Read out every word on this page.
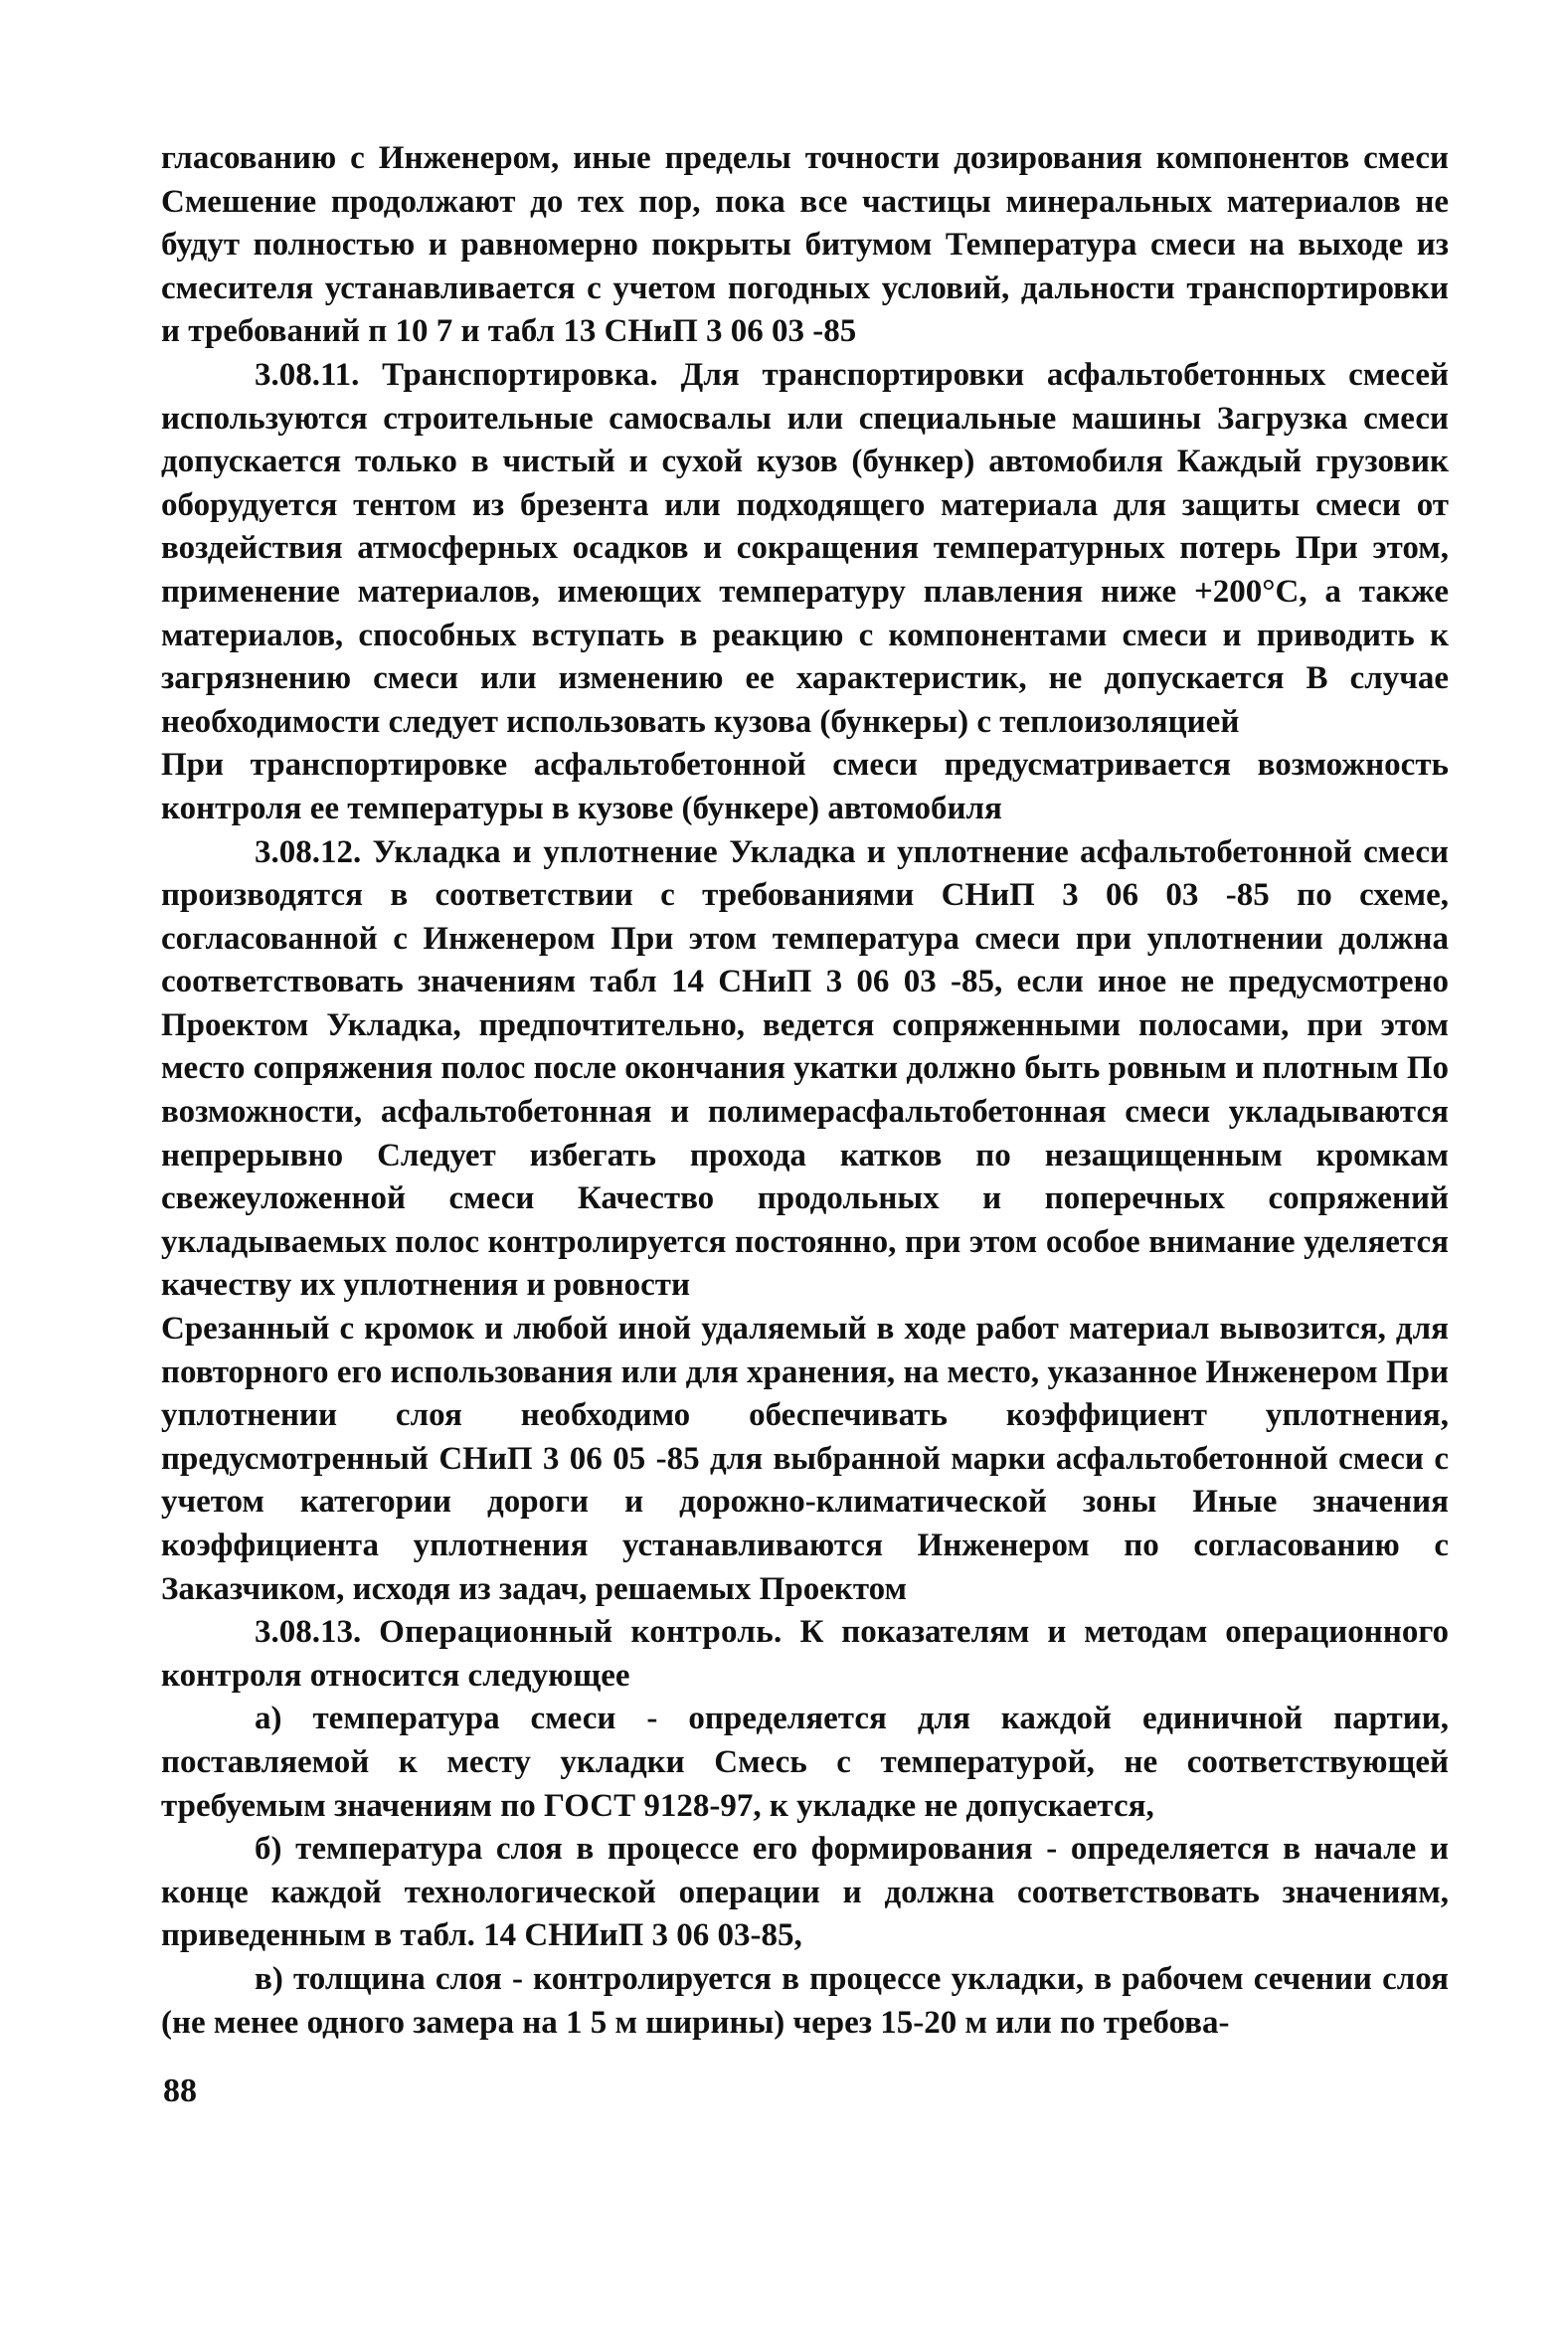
гласованию с Инженером, иные пределы точности дозирования компонентов смеси Смешение продолжают до тех пор, пока все частицы минеральных материалов не будут полностью и равномерно покрыты битумом Температура смеси на выходе из смесителя устанавливается с учетом погодных условий, дальности транспортировки и требований п 10 7 и табл 13 СНиП 3 06 03 -85

3.08.11. Транспортировка. Для транспортировки асфальтобетонных смесей используются строительные самосвалы или специальные машины Загрузка смеси допускается только в чистый и сухой кузов (бункер) автомобиля Каждый грузовик оборудуется тентом из брезента или подходящего материала для защиты смеси от воздействия атмосферных осадков и сокращения температурных потерь При этом, применение материалов, имеющих температуру плавления ниже +200°С, а также материалов, способных вступать в реакцию с компонентами смеси и приводить к загрязнению смеси или изменению ее характеристик, не допускается В случае необходимости следует использовать кузова (бункеры) с теплоизоляцией

При транспортировке асфальтобетонной смеси предусматривается возможность контроля ее температуры в кузове (бункере) автомобиля

3.08.12. Укладка и уплотнение Укладка и уплотнение асфальтобетонной смеси производятся в соответствии с требованиями СНиП 3 06 03 -85 по схеме, согласованной с Инженером При этом температура смеси при уплотнении должна соответствовать значениям табл 14 СНиП 3 06 03 -85, если иное не предусмотрено Проектом Укладка, предпочтительно, ведется сопряженными полосами, при этом место сопряжения полос после окончания укатки должно быть ровным и плотным По возможности, асфальтобетонная и полимерасфальтобетонная смеси укладываются непрерывно Следует избегать прохода катков по незащищенным кромкам свежеуложенной смеси Качество продольных и поперечных сопряжений укладываемых полос контролируется постоянно, при этом особое внимание уделяется качеству их уплотнения и ровности

Срезанный с кромок и любой иной удаляемый в ходе работ материал вывозится, для повторного его использования или для хранения, на место, указанное Инженером При уплотнении слоя необходимо обеспечивать коэффициент уплотнения, предусмотренный СНиП 3 06 05 -85 для выбранной марки асфальтобетонной смеси с учетом категории дороги и дорожно-климатической зоны Иные значения коэффициента уплотнения устанавливаются Инженером по согласованию с Заказчиком, исходя из задач, решаемых Проектом

3.08.13. Операционный контроль. К показателям и методам операционного контроля относится следующее

а) температура смеси - определяется для каждой единичной партии, поставляемой к месту укладки Смесь с температурой, не соответствующей требуемым значениям по ГОСТ 9128-97, к укладке не допускается,

б) температура слоя в процессе его формирования - определяется в начале и конце каждой технологической операции и должна соответствовать значениям, приведенным в табл. 14 СНИиП 3 06 03-85,

в) толщина слоя - контролируется в процессе укладки, в рабочем сечении слоя (не менее одного замера на 1 5 м ширины) через 15-20 м или по требова-

88
